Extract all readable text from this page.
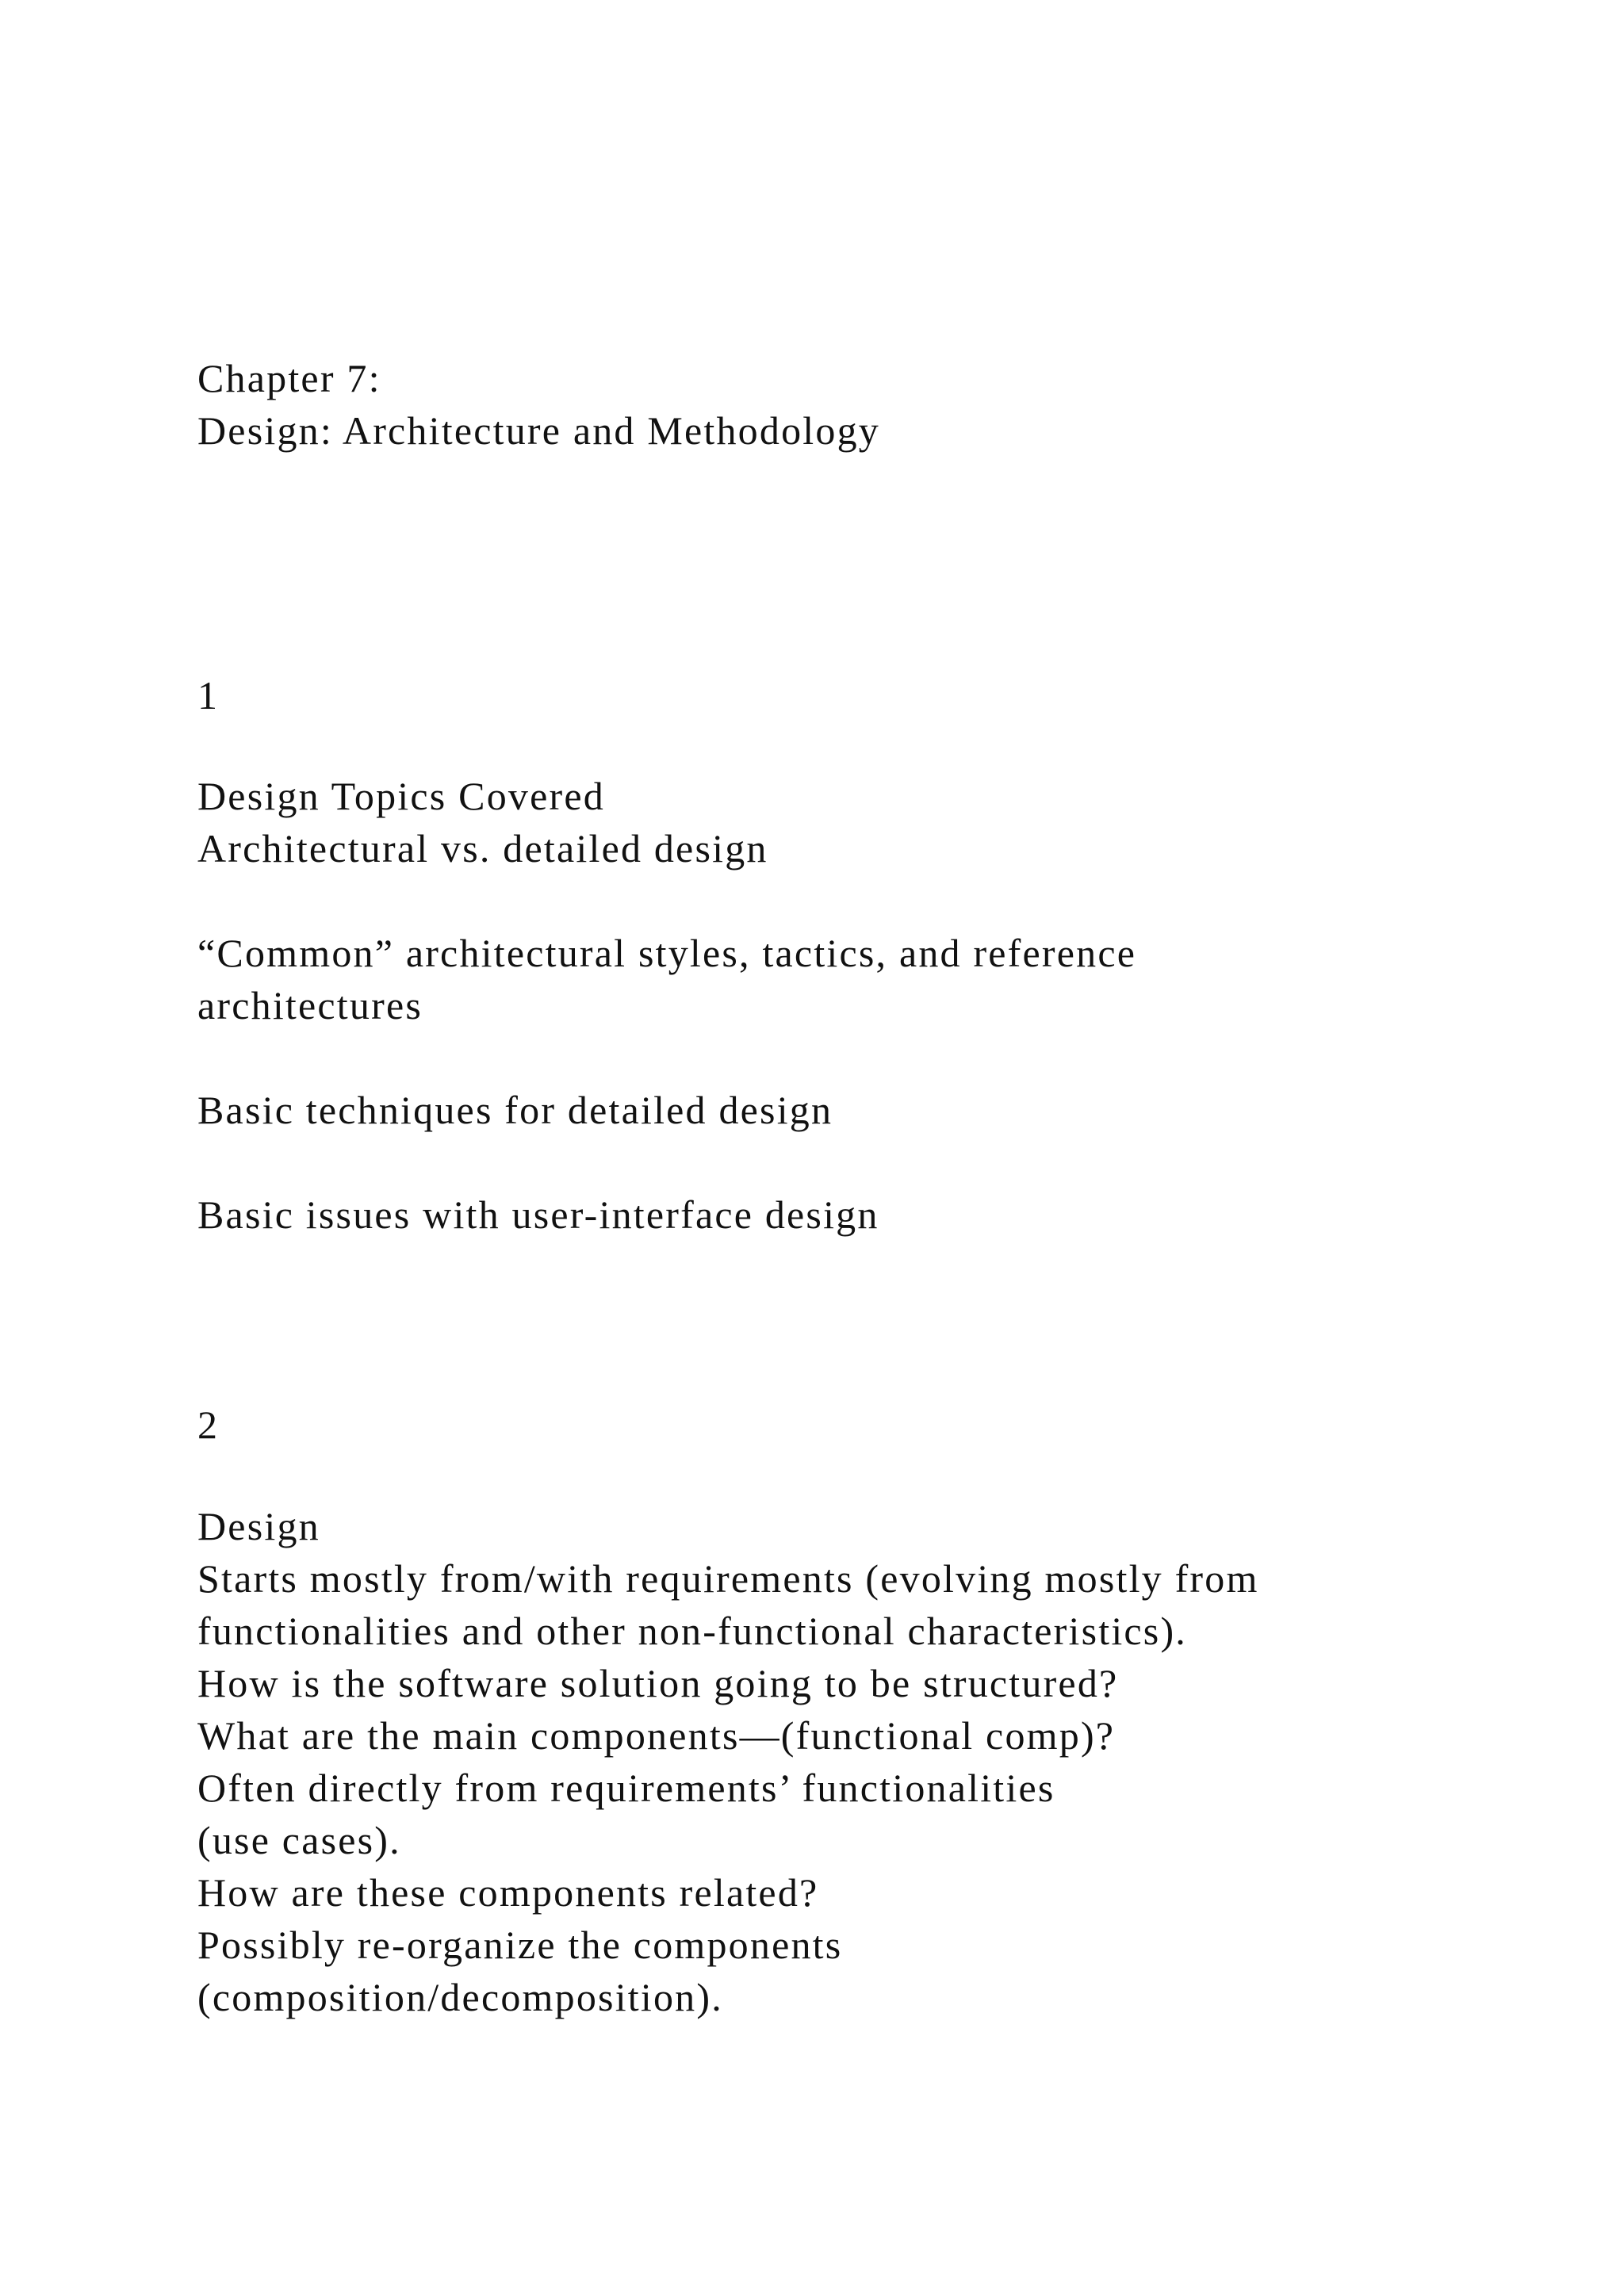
Chapter 7:
Design: Architecture and Methodology
1
Design Topics Covered
Architectural vs. detailed design
“Common” architectural styles, tactics, and reference
architectures
Basic techniques for detailed design
Basic issues with user-interface design
2
Design
Starts mostly from/with requirements (evolving mostly from
functionalities and other non-functional characteristics).
How is the software solution going to be structured?
What are the main components—(functional comp)?
Often directly from requirements’ functionalities
(use cases).
How are these components related?
Possibly re-organize the components
(composition/decomposition).
